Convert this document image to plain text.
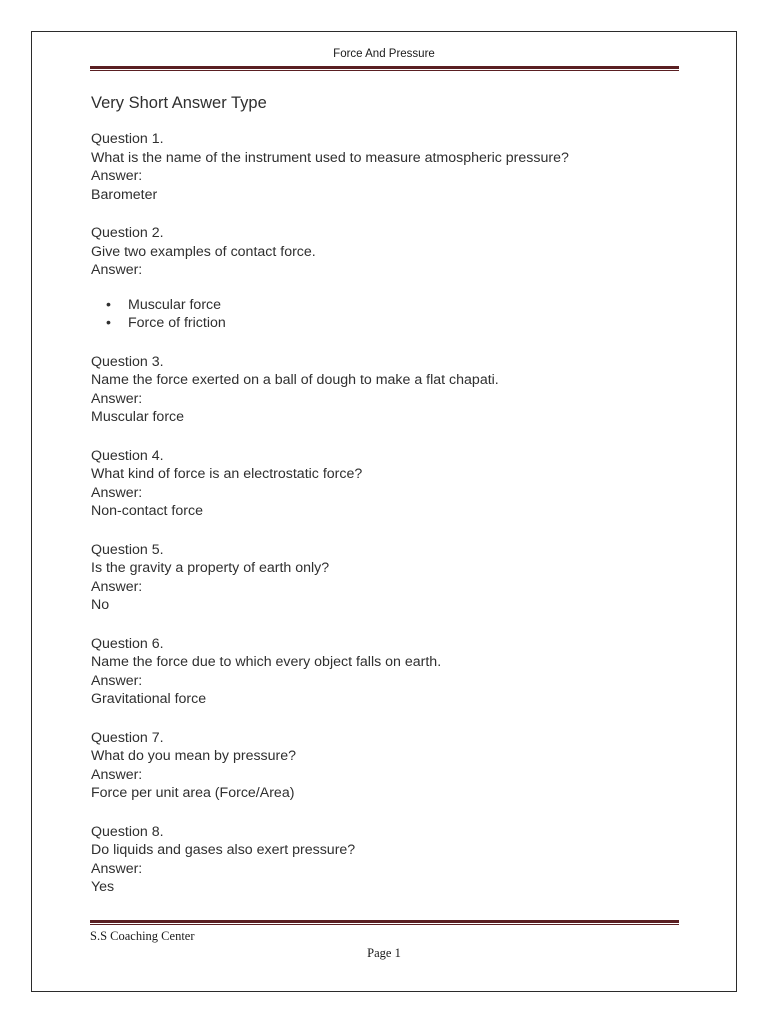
Force And Pressure
Very Short Answer Type
Question 1.
What is the name of the instrument used to measure atmospheric pressure?
Answer:
Barometer
Question 2.
Give two examples of contact force.
Answer:
• Muscular force
• Force of friction
Question 3.
Name the force exerted on a ball of dough to make a flat chapati.
Answer:
Muscular force
Question 4.
What kind of force is an electrostatic force?
Answer:
Non-contact force
Question 5.
Is the gravity a property of earth only?
Answer:
No
Question 6.
Name the force due to which every object falls on earth.
Answer:
Gravitational force
Question 7.
What do you mean by pressure?
Answer:
Force per unit area (Force/Area)
Question 8.
Do liquids and gases also exert pressure?
Answer:
Yes
S.S Coaching Center
Page 1
